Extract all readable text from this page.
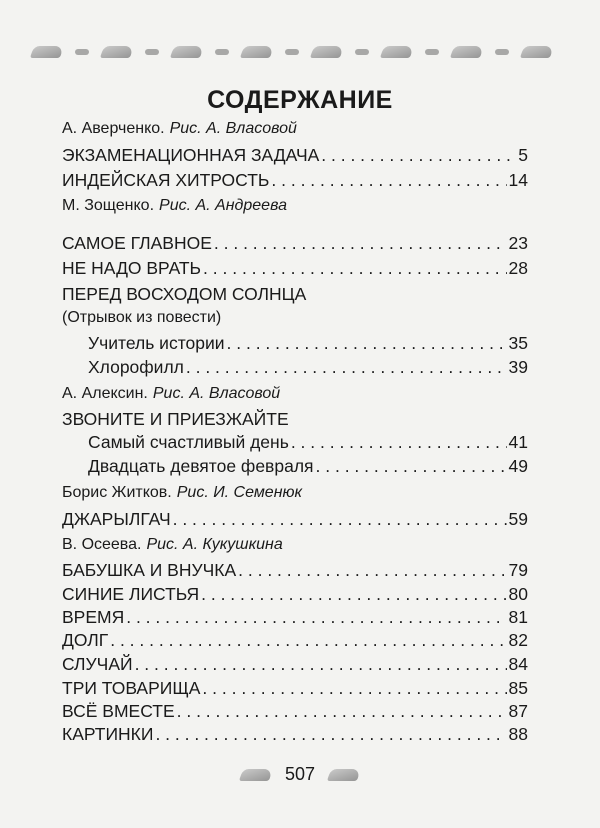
СОДЕРЖАНИЕ
А. Аверченко. Рис. А. Власовой
ЭКЗАМЕНАЦИОННАЯ ЗАДАЧА . . .	5
ИНДЕЙСКАЯ ХИТРОСТЬ . . .	14
М. Зощенко. Рис. А. Андреева
САМОЕ ГЛАВНОЕ . . .	23
НЕ НАДО ВРАТЬ . . .	28
ПЕРЕД ВОСХОДОМ СОЛНЦА
(Отрывок из повести)
Учитель истории . . .	35
Хлорофилл . . .	39
А. Алексин. Рис. А. Власовой
ЗВОНИТЕ И ПРИЕЗЖАЙТЕ
Самый счастливый день . . .	41
Двадцать девятое февраля . . .	49
Борис Житков. Рис. И. Семенюк
ДЖАРЫЛГАЧ . . .	59
В. Осеева. Рис. А. Кукушкина
БАБУШКА И ВНУЧКА . . .	79
СИНИЕ ЛИСТЬЯ . . .	80
ВРЕМЯ . . .	81
ДОЛГ . . .	82
СЛУЧАЙ . . .	84
ТРИ ТОВАРИЩА . . .	85
ВСЁ ВМЕСТЕ . . .	87
КАРТИНКИ . . .	88
507
